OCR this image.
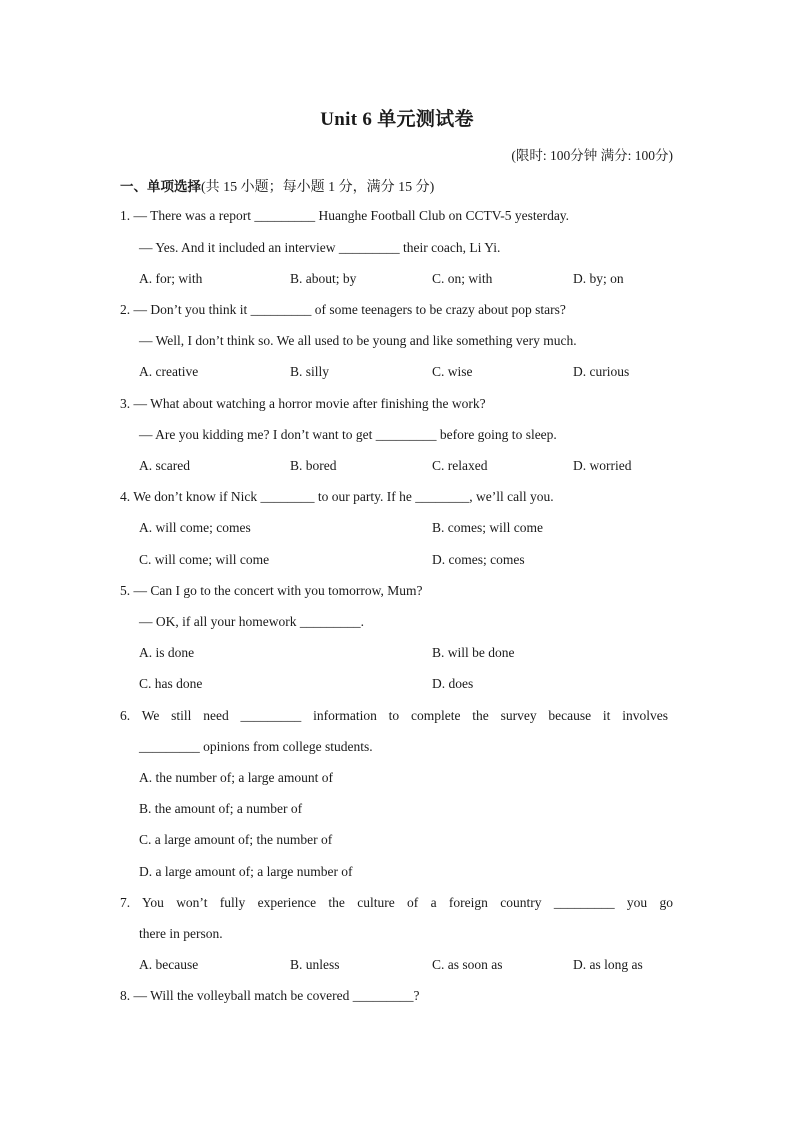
Unit 6 单元测试卷
(限时: 100分钟 满分: 100分)
一、单项选择(共 15 小题；每小题 1 分，满分 15 分)
1. — There was a report _________ Huanghe Football Club on CCTV-5 yesterday.
— Yes. And it included an interview _________ their coach, Li Yi.
A. for; with	B. about; by	C. on; with	D. by; on
2. — Don’t you think it _________ of some teenagers to be crazy about pop stars?
— Well, I don’t think so. We all used to be young and like something very much.
A. creative	B. silly	C. wise	D. curious
3. — What about watching a horror movie after finishing the work?
— Are you kidding me? I don’t want to get _________ before going to sleep.
A. scared	B. bored	C. relaxed	D. worried
4. We don’t know if Nick ________ to our party. If he ________, we’ll call you.
A. will come; comes	B. comes; will come
C. will come; will come	D. comes; comes
5. — Can I go to the concert with you tomorrow, Mum?
— OK, if all your homework _________.
A. is done	B. will be done
C. has done	D. does
6. We still need _________ information to complete the survey because it involves
_________ opinions from college students.
A. the number of; a large amount of
B. the amount of; a number of
C. a large amount of; the number of
D. a large amount of; a large number of
7. You won’t fully experience the culture of a foreign country _________ you go
there in person.
A. because	B. unless	C. as soon as	D. as long as
8. — Will the volleyball match be covered _________?
